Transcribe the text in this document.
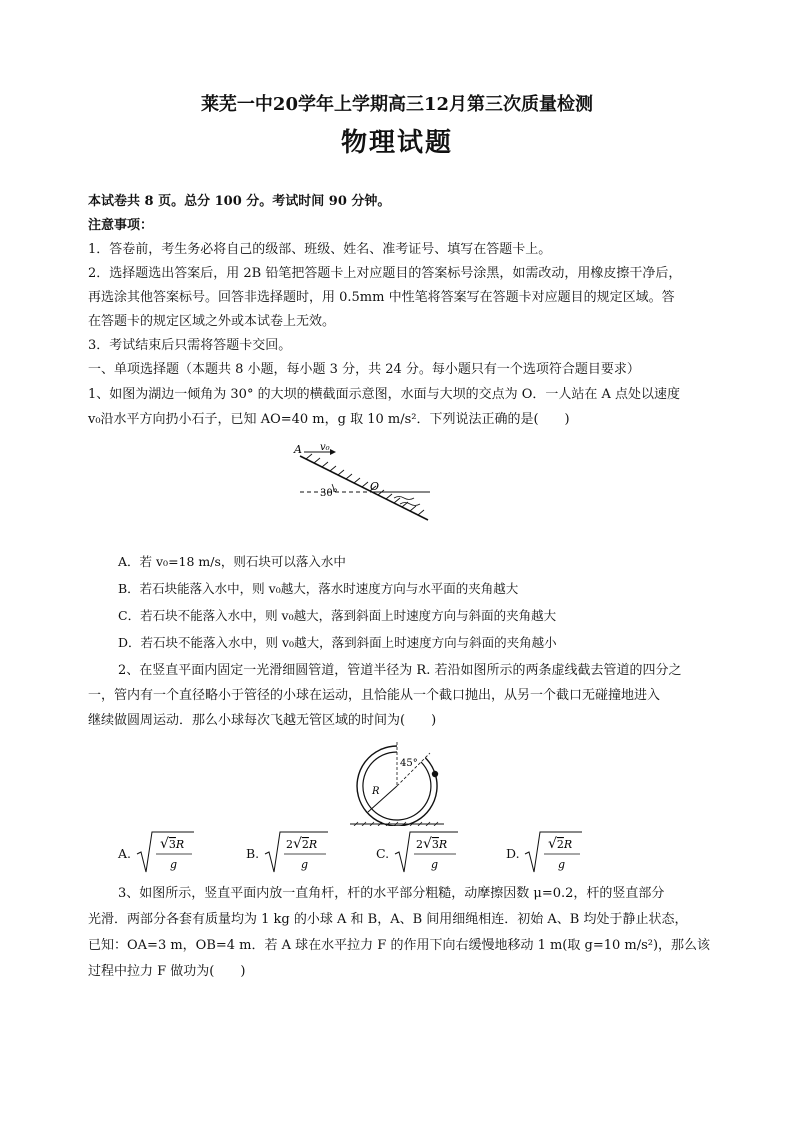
莱芜一中20学年上学期高三12月第三次质量检测
物理试题
本试卷共 8 页。总分 100 分。考试时间 90 分钟。
注意事项：
1．答卷前，考生务必将自己的级部、班级、姓名、准考证号、填写在答题卡上。
2．选择题选出答案后，用 2B 铅笔把答题卡上对应题目的答案标号涂黑，如需改动，用橡皮擦干净后，
再选涂其他答案标号。回答非选择题时，用 0.5mm 中性笔将答案写在答题卡对应题目的规定区域。答
在答题卡的规定区域之外或本试卷上无效。
3．考试结束后只需将答题卡交回。
一、单项选择题（本题共 8 小题，每小题 3 分，共 24 分。每小题只有一个选项符合题目要求）
1、如图为湖边一倾角为 30° 的大坝的横截面示意图，水面与大坝的交点为 O．一人站在 A 点处以速度
v₀沿水平方向扔小石子，已知 AO=40 m，g 取 10 m/s²．下列说法正确的是(　　)
A v₀
O
30°
A．若 v₀=18 m/s，则石块可以落入水中
B．若石块能落入水中，则 v₀越大，落水时速度方向与水平面的夹角越大
C．若石块不能落入水中，则 v₀越大，落到斜面上时速度方向与斜面的夹角越大
D．若石块不能落入水中，则 v₀越大，落到斜面上时速度方向与斜面的夹角越小
2、在竖直平面内固定一光滑细圆管道，管道半径为 R. 若沿如图所示的两条虚线截去管道的四分之
一，管内有一个直径略小于管径的小球在运动，且恰能从一个截口抛出，从另一个截口无碰撞地进入
继续做圆周运动．那么小球每次飞越无管区域的时间为(　　)
45°
R
A.
√3R
g
B.
2√2R
g
C.
2√3R
g
D.
√2R
g
3、如图所示，竖直平面内放一直角杆，杆的水平部分粗糙，动摩擦因数 μ=0.2，杆的竖直部分
光滑．两部分各套有质量均为 1 kg 的小球 A 和 B，A、B 间用细绳相连．初始 A、B 均处于静止状态，
已知：OA=3 m，OB=4 m．若 A 球在水平拉力 F 的作用下向右缓慢地移动 1 m(取 g=10 m/s²)，那么该
过程中拉力 F 做功为(　　)
